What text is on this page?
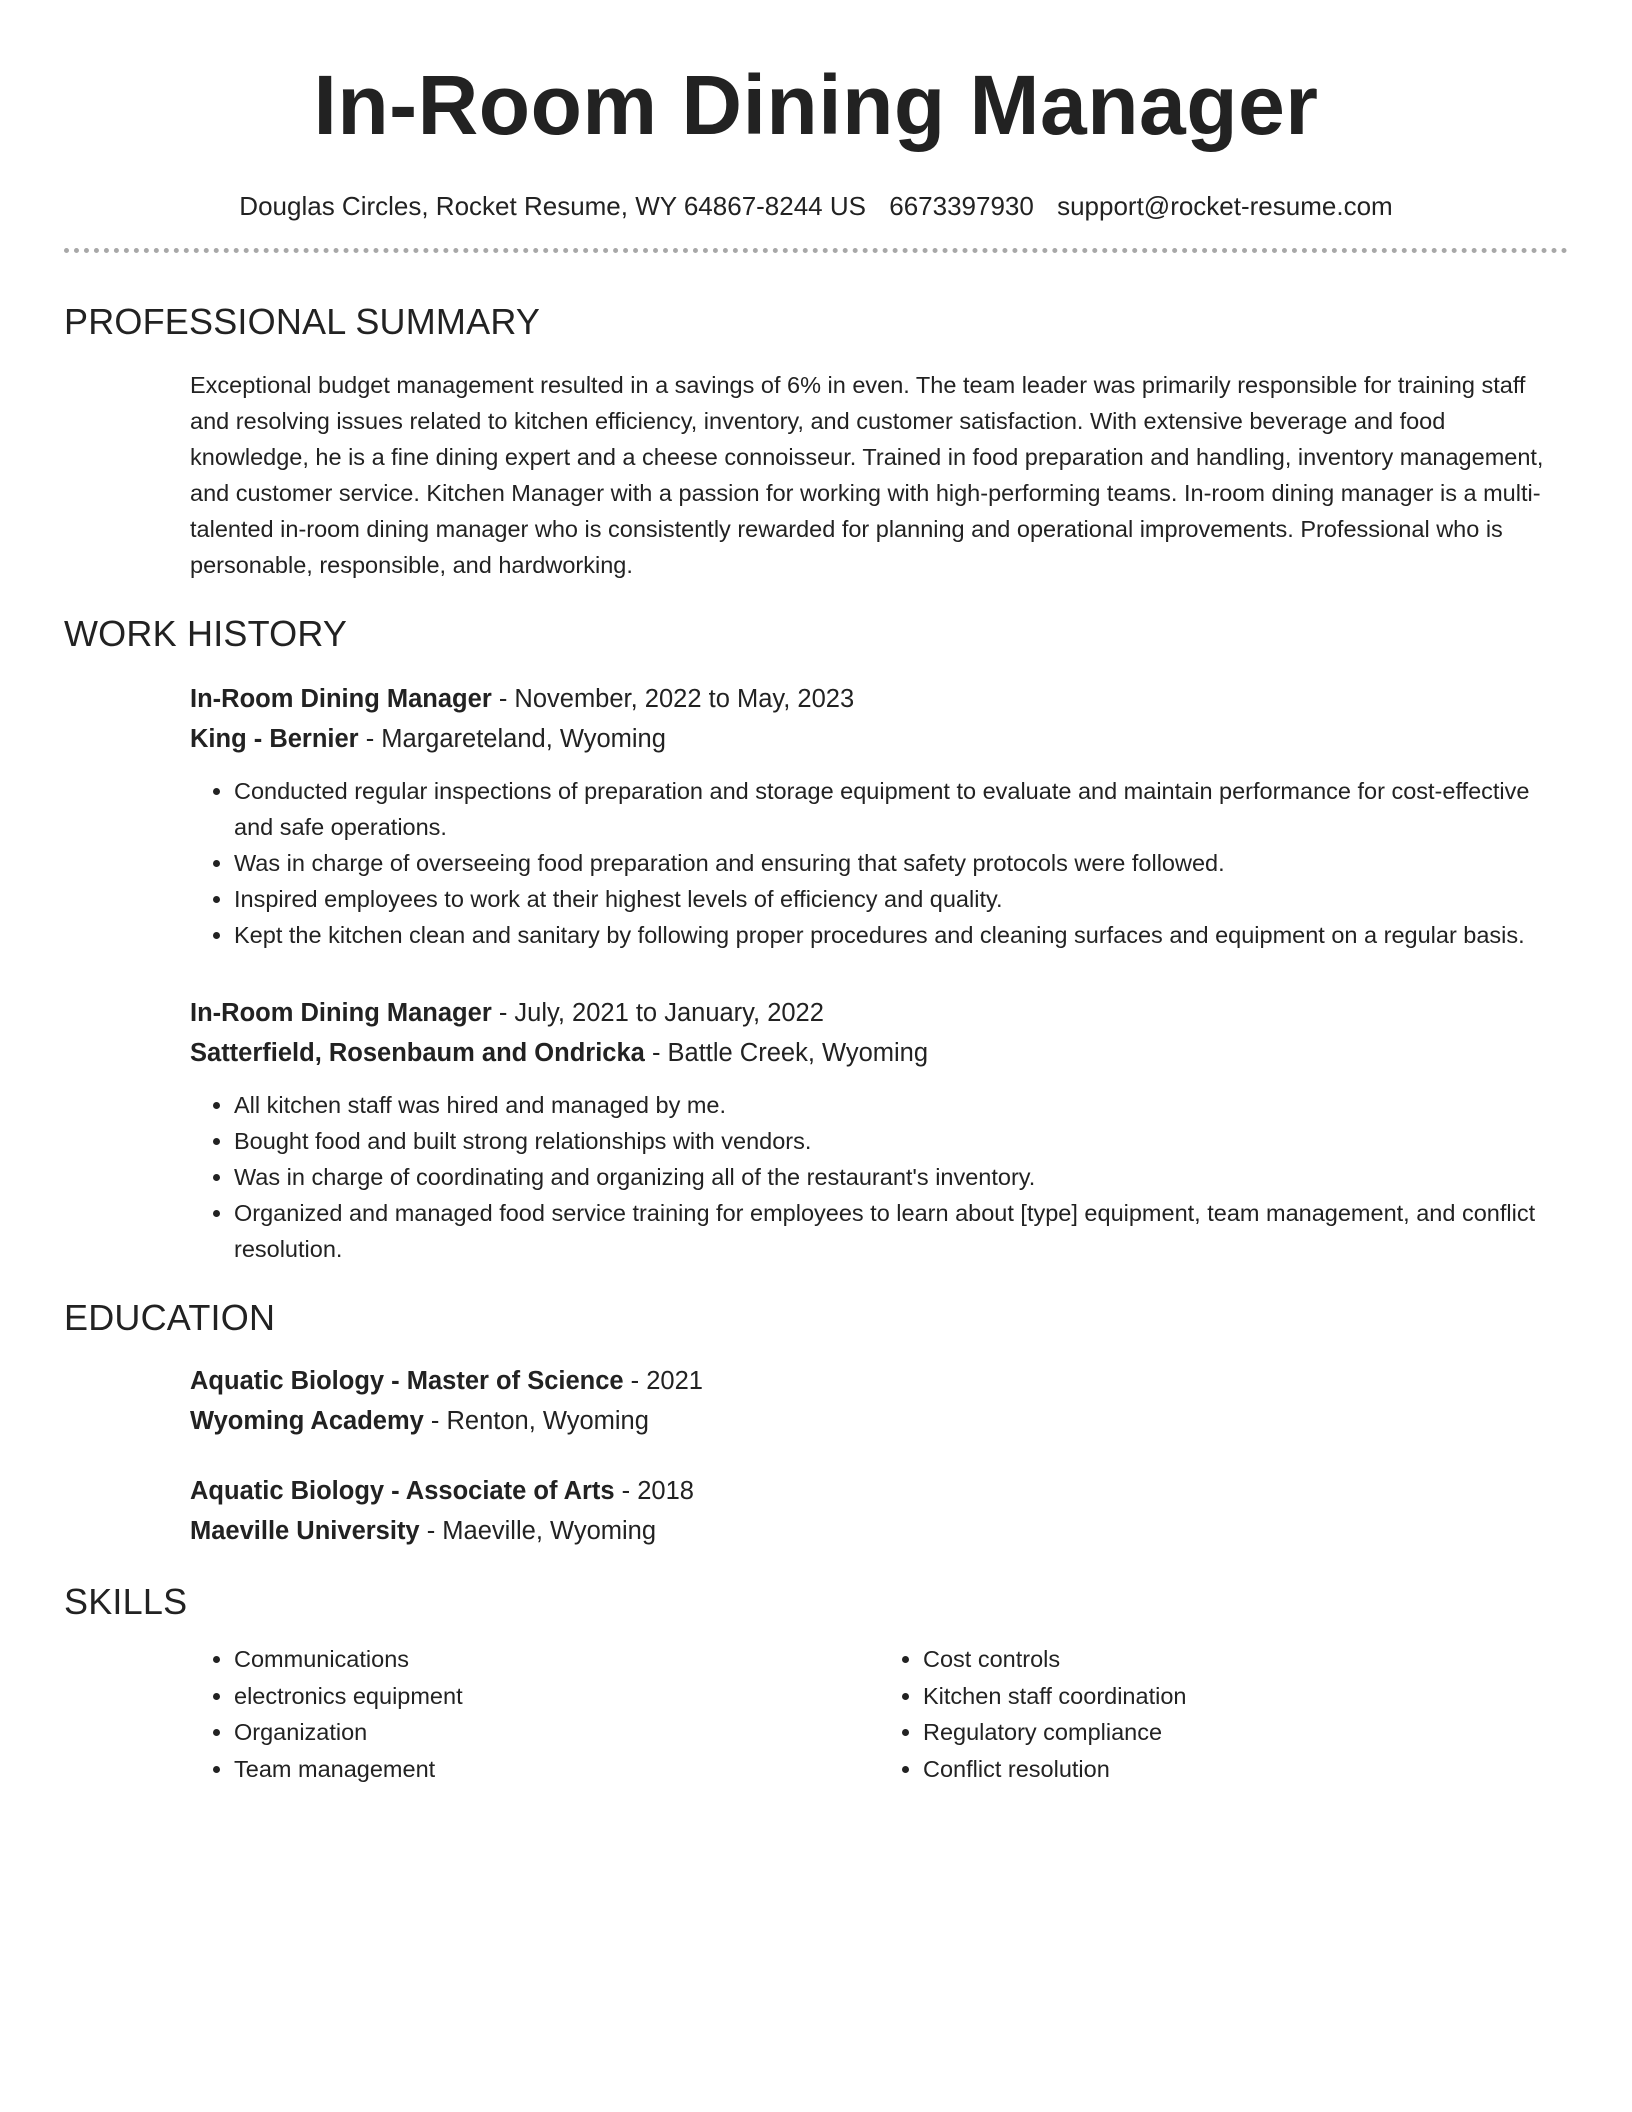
In-Room Dining Manager
Douglas Circles, Rocket Resume, WY 64867-8244 US 6673397930 support@rocket-resume.com
PROFESSIONAL SUMMARY

Exceptional budget management resulted in a savings of 6% in even. The team leader was primarily responsible for training staff and resolving issues related to kitchen efficiency, inventory, and customer satisfaction. With extensive beverage and food knowledge, he is a fine dining expert and a cheese connoisseur. Trained in food preparation and handling, inventory management, and customer service. Kitchen Manager with a passion for working with high-performing teams. In-room dining manager is a multi-talented in-room dining manager who is consistently rewarded for planning and operational improvements. Professional who is personable, responsible, and hardworking.

WORK HISTORY
In-Room Dining Manager - November, 2022 to May, 2023
King - Bernier - Margareteland, Wyoming
• Conducted regular inspections of preparation and storage equipment to evaluate and maintain performance for cost-effective and safe operations.
• Was in charge of overseeing food preparation and ensuring that safety protocols were followed.
• Inspired employees to work at their highest levels of efficiency and quality.
• Kept the kitchen clean and sanitary by following proper procedures and cleaning surfaces and equipment on a regular basis.
In-Room Dining Manager - July, 2021 to January, 2022
Satterfield, Rosenbaum and Ondricka - Battle Creek, Wyoming
• All kitchen staff was hired and managed by me.
• Bought food and built strong relationships with vendors.
• Was in charge of coordinating and organizing all of the restaurant's inventory.
• Organized and managed food service training for employees to learn about [type] equipment, team management, and conflict resolution.
EDUCATION
Aquatic Biology - Master of Science - 2021
Wyoming Academy - Renton, Wyoming
Aquatic Biology - Associate of Arts - 2018
Maeville University - Maeville, Wyoming
SKILLS
• Communications
• electronics equipment
• Organization
• Team management
• Cost controls
• Kitchen staff coordination
• Regulatory compliance
• Conflict resolution
